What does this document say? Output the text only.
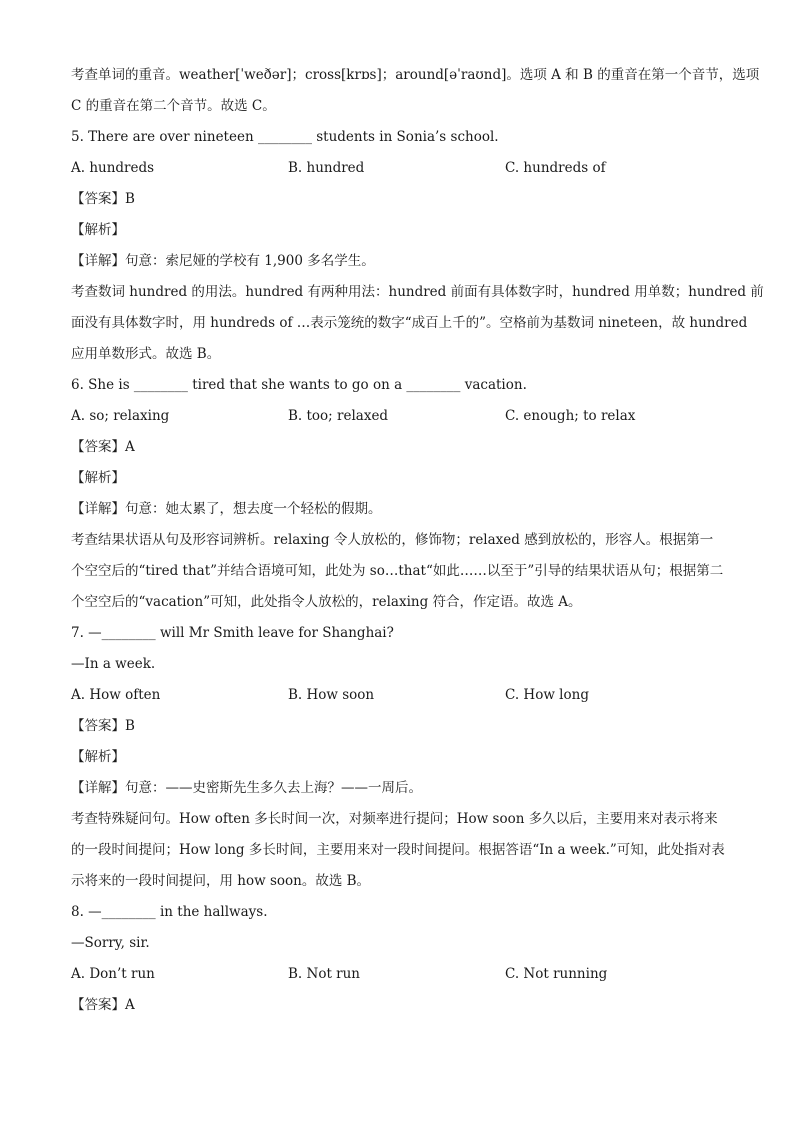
考查单词的重音。weather[ˈweðər]；cross[krɒs]；around[əˈraʊnd]。选项 A 和 B 的重音在第一个音节，选项
C 的重音在第二个音节。故选 C。
5. There are over nineteen ________ students in Sonia’s school.
A. hundreds	B. hundred	C. hundreds of
【答案】B
【解析】
【详解】句意：索尼娅的学校有 1,900 多名学生。
考查数词 hundred 的用法。hundred 有两种用法：hundred 前面有具体数字时，hundred 用单数；hundred 前
面没有具体数字时，用 hundreds of …表示笼统的数字“成百上千的”。空格前为基数词 nineteen，故 hundred
应用单数形式。故选 B。
6. She is ________ tired that she wants to go on a ________ vacation.
A. so; relaxing	B. too; relaxed	C. enough; to relax
【答案】A
【解析】
【详解】句意：她太累了，想去度一个轻松的假期。
考查结果状语从句及形容词辨析。relaxing 令人放松的，修饰物；relaxed 感到放松的，形容人。根据第一
个空空后的“tired that”并结合语境可知，此处为 so…that“如此……以至于”引导的结果状语从句；根据第二
个空空后的“vacation”可知，此处指令人放松的，relaxing 符合，作定语。故选 A。
7. —________ will Mr Smith leave for Shanghai?
—In a week.
A. How often	B. How soon	C. How long
【答案】B
【解析】
【详解】句意：——史密斯先生多久去上海？——一周后。
考查特殊疑问句。How often 多长时间一次，对频率进行提问；How soon 多久以后，主要用来对表示将来
的一段时间提问；How long 多长时间，主要用来对一段时间提问。根据答语“In a week.”可知，此处指对表
示将来的一段时间提问，用 how soon。故选 B。
8. —________ in the hallways.
—Sorry, sir.
A. Don’t run	B. Not run	C. Not running
【答案】A
